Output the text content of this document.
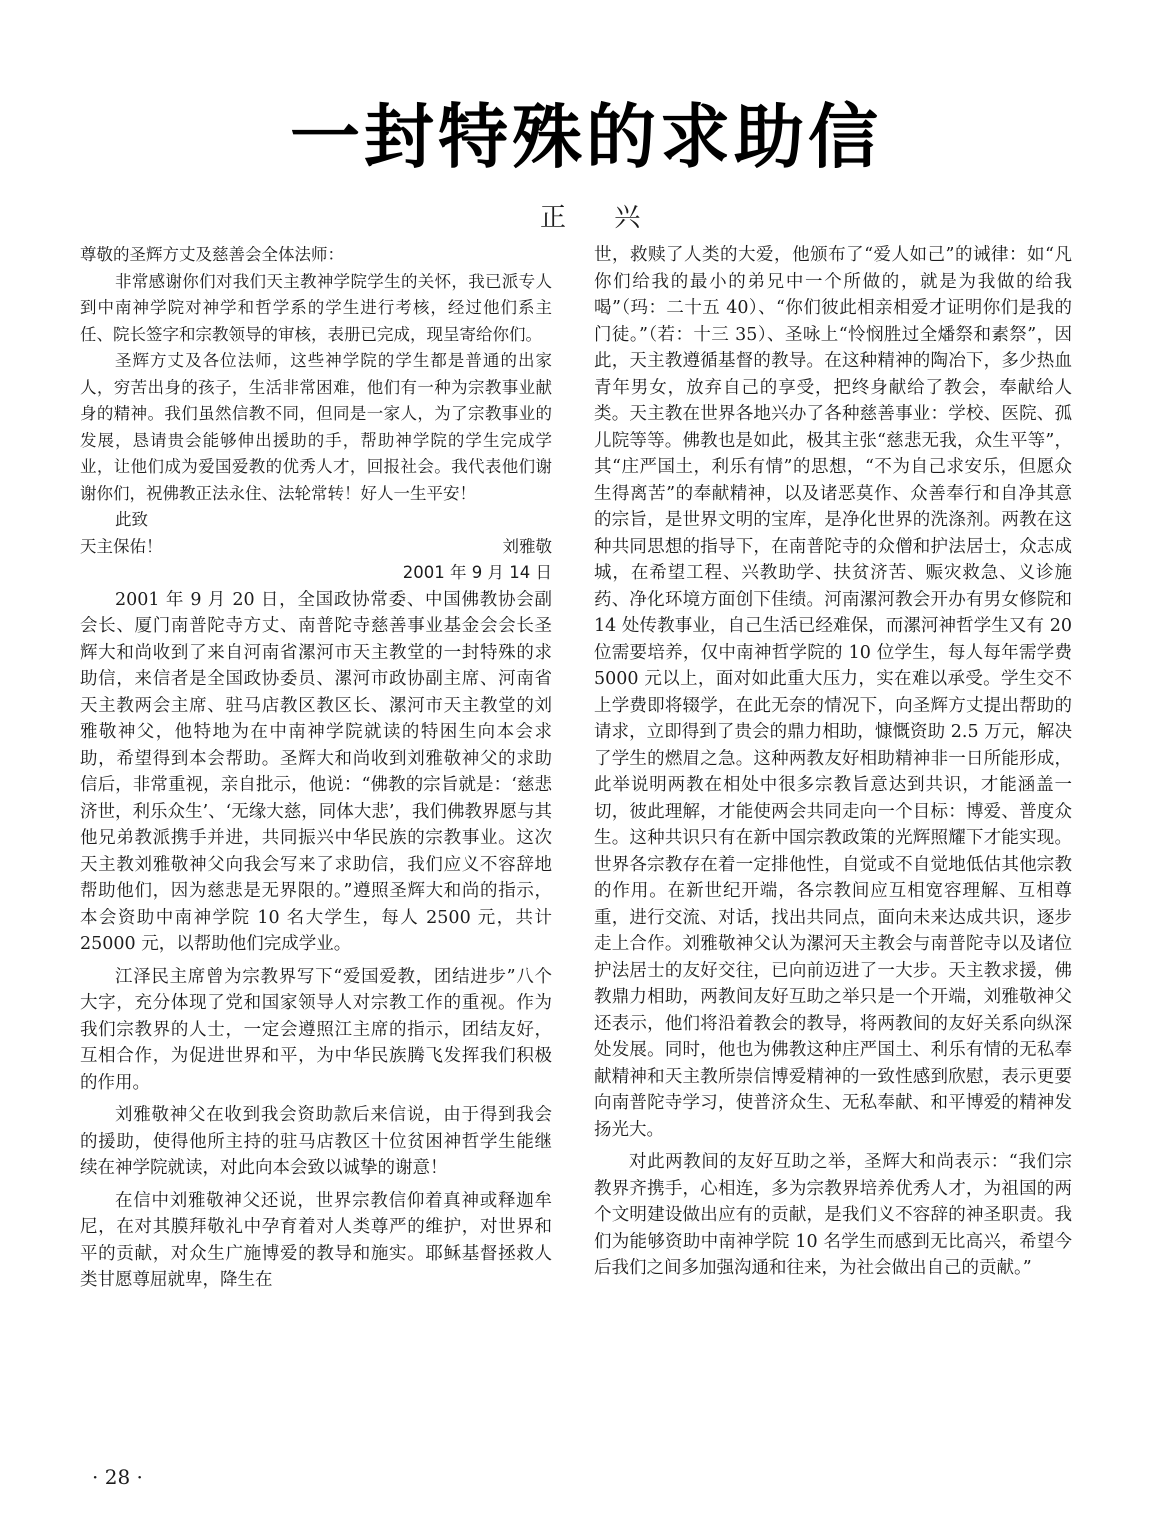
一封特殊的求助信
正 兴

尊敬的圣辉方丈及慈善会全体法师：

非常感谢你们对我们天主教神学院学生的关怀，我已派专人到中南神学院对神学和哲学系的学生进行考核，经过他们系主任、院长签字和宗教领导的审核，表册已完成，现呈寄给你们。

圣辉方丈及各位法师，这些神学院的学生都是普通的出家人，穷苦出身的孩子，生活非常困难，他们有一种为宗教事业献身的精神。我们虽然信教不同，但同是一家人，为了宗教事业的发展，恳请贵会能够伸出援助的手，帮助神学院的学生完成学业，让他们成为爱国爱教的优秀人才，回报社会。我代表他们谢谢你们，祝佛教正法永住、法轮常转！好人一生平安！

此致

天主保佑！	刘雅敬

2001 年 9 月 14 日

2001 年 9 月 20 日，全国政协常委、中国佛教协会副会长、厦门南普陀寺方丈、南普陀寺慈善事业基金会会长圣辉大和尚收到了来自河南省漯河市天主教堂的一封特殊的求助信，来信者是全国政协委员、漯河市政协副主席、河南省天主教两会主席、驻马店教区教区长、漯河市天主教堂的刘雅敬神父，他特地为在中南神学院就读的特困生向本会求助，希望得到本会帮助。圣辉大和尚收到刘雅敬神父的求助信后，非常重视，亲自批示，他说：“佛教的宗旨就是：‘慈悲济世，利乐众生’、‘无缘大慈，同体大悲’，我们佛教界愿与其他兄弟教派携手并进，共同振兴中华民族的宗教事业。这次天主教刘雅敬神父向我会写来了求助信，我们应义不容辞地帮助他们，因为慈悲是无界限的。”遵照圣辉大和尚的指示，本会资助中南神学院 10 名大学生，每人 2500 元，共计 25000 元，以帮助他们完成学业。

江泽民主席曾为宗教界写下“爱国爱教，团结进步”八个大字，充分体现了党和国家领导人对宗教工作的重视。作为我们宗教界的人士，一定会遵照江主席的指示，团结友好，互相合作，为促进世界和平，为中华民族腾飞发挥我们积极的作用。

刘雅敬神父在收到我会资助款后来信说，由于得到我会的援助，使得他所主持的驻马店教区十位贫困神哲学生能继续在神学院就读，对此向本会致以诚挚的谢意！

在信中刘雅敬神父还说，世界宗教信仰着真神或释迦牟尼，在对其膜拜敬礼中孕育着对人类尊严的维护，对世界和平的贡献，对众生广施博爱的教导和施实。耶稣基督拯救人类甘愿尊屈就卑，降生在

世，救赎了人类的大爱，他颁布了“爱人如己”的诫律：如“凡你们给我的最小的弟兄中一个所做的，就是为我做的给我喝”（玛：二十五 40）、“你们彼此相亲相爱才证明你们是我的门徒。”（若：十三 35）、圣咏上“怜悯胜过全燔祭和素祭”，因此，天主教遵循基督的教导。在这种精神的陶冶下，多少热血青年男女，放弃自己的享受，把终身献给了教会，奉献给人类。天主教在世界各地兴办了各种慈善事业：学校、医院、孤儿院等等。佛教也是如此，极其主张“慈悲无我，众生平等”，其“庄严国土，利乐有情”的思想，“不为自己求安乐，但愿众生得离苦”的奉献精神，以及诸恶莫作、众善奉行和自净其意的宗旨，是世界文明的宝库，是净化世界的洗涤剂。两教在这种共同思想的指导下，在南普陀寺的众僧和护法居士，众志成城，在希望工程、兴教助学、扶贫济苦、赈灾救急、义诊施药、净化环境方面创下佳绩。河南漯河教会开办有男女修院和 14 处传教事业，自己生活已经难保，而漯河神哲学生又有 20 位需要培养，仅中南神哲学院的 10 位学生，每人每年需学费 5000 元以上，面对如此重大压力，实在难以承受。学生交不上学费即将辍学，在此无奈的情况下，向圣辉方丈提出帮助的请求，立即得到了贵会的鼎力相助，慷慨资助 2.5 万元，解决了学生的燃眉之急。这种两教友好相助精神非一日所能形成，此举说明两教在相处中很多宗教旨意达到共识，才能涵盖一切，彼此理解，才能使两会共同走向一个目标：博爱、普度众生。这种共识只有在新中国宗教政策的光辉照耀下才能实现。世界各宗教存在着一定排他性，自觉或不自觉地低估其他宗教的作用。在新世纪开端，各宗教间应互相宽容理解、互相尊重，进行交流、对话，找出共同点，面向未来达成共识，逐步走上合作。刘雅敬神父认为漯河天主教会与南普陀寺以及诸位护法居士的友好交往，已向前迈进了一大步。天主教求援，佛教鼎力相助，两教间友好互助之举只是一个开端，刘雅敬神父还表示，他们将沿着教会的教导，将两教间的友好关系向纵深处发展。同时，他也为佛教这种庄严国土、利乐有情的无私奉献精神和天主教所崇信博爱精神的一致性感到欣慰，表示更要向南普陀寺学习，使普济众生、无私奉献、和平博爱的精神发扬光大。

对此两教间的友好互助之举，圣辉大和尚表示：“我们宗教界齐携手，心相连，多为宗教界培养优秀人才，为祖国的两个文明建设做出应有的贡献，是我们义不容辞的神圣职责。我们为能够资助中南神学院 10 名学生而感到无比高兴，希望今后我们之间多加强沟通和往来，为社会做出自己的贡献。”

· 28 ·
